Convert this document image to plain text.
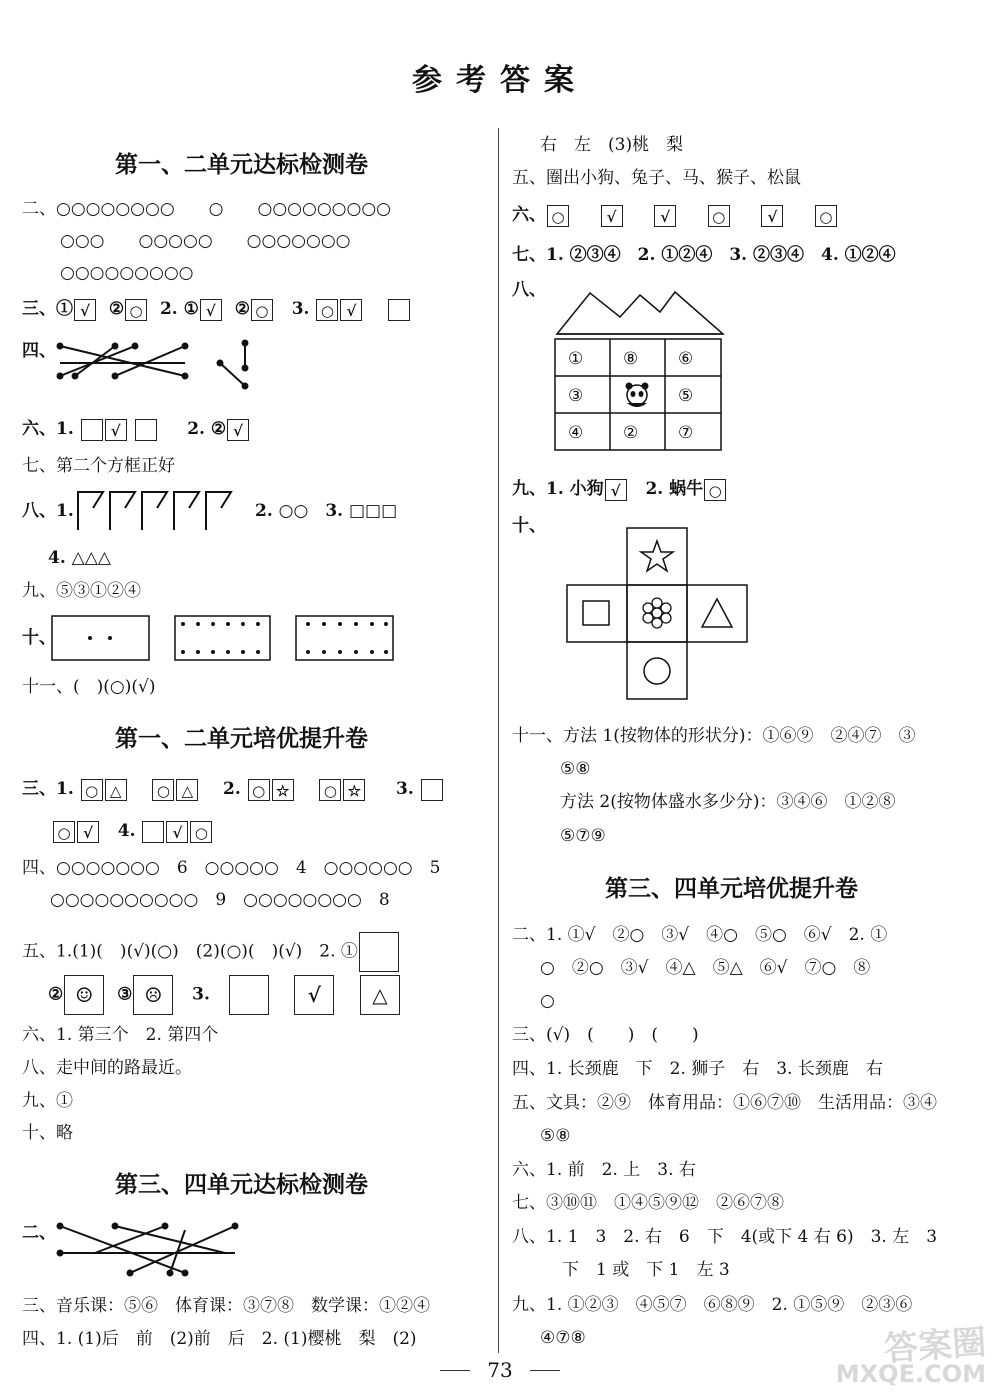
参考答案
第一、二单元达标检测卷
二、○○○○○○○○　　○　　○○○○○○○○○
○○○　　○○○○○　　○○○○○○○
○○○○○○○○○
三、① √ ② ○ 2. ① √ ② ○ 3. ○ √
四、
六、1. √	2. ② √
七、第二个方框正好
八、1.	2. ○○　3. □□□
4. △△△
九、⑤③①②④
十、
十一、(　)(○)(√)
第一、二单元培优提升卷
三、1. ○ △ ○ △ 2. ○ ☆ ○ ☆ 3.
○ √ 4. √ ○
四、○○○○○○○　6　○○○○○　4　○○○○○○　5
○○○○○○○○○○　9　○○○○○○○○　8
五、1.(1)(　)(√)(○)　(2)(○)(　)(√)　2. ①
② ☺ ③ ☹ 3.	√	△
六、1. 第三个　2. 第四个
八、走中间的路最近。
九、①
十、略
第三、四单元达标检测卷
二、
三、音乐课：⑤⑥　体育课：③⑦⑧　数学课：①②④
四、1. (1)后　前　(2)前　后　2. (1)樱桃　梨　(2)
右　左　(3)桃　梨
五、圈出小狗、兔子、马、猴子、松鼠
六、 ○	√	√	○	√	○
七、1. ②③④　2. ①②④　3. ②③④　4. ①②④
八、
① ⑧ ⑥
③	⑤
④ ② ⑦
九、1. 小狗 √ 2. 蜗牛 ○
十、
十一、方法 1(按物体的形状分)：①⑥⑨　②④⑦　③
⑤⑧
方法 2(按物体盛水多少分)：③④⑥　①②⑧
⑤⑦⑨
第三、四单元培优提升卷
二、1. ①√　②○　③√　④○　⑤○　⑥√　2. ①
○　②○　③√　④△　⑤△　⑥√　⑦○　⑧
○
三、(√)　(　　)　(　　)
四、1. 长颈鹿　下　2. 狮子　右　3. 长颈鹿　右
五、文具：②⑨　体育用品：①⑥⑦⑩　生活用品：③④
⑤⑧
六、1. 前　2. 上　3. 右
七、③⑩⑪　①④⑤⑨⑫　②⑥⑦⑧
八、1. 1　3　2. 右　6　下　4(或下 4 右 6)　3. 左　3
下　1 或　下 1　左 3
九、1. ①②③　④⑤⑦　⑥⑧⑨　2. ①⑤⑨　②③⑥
④⑦⑧
73
答案圈
MXQE.COM
